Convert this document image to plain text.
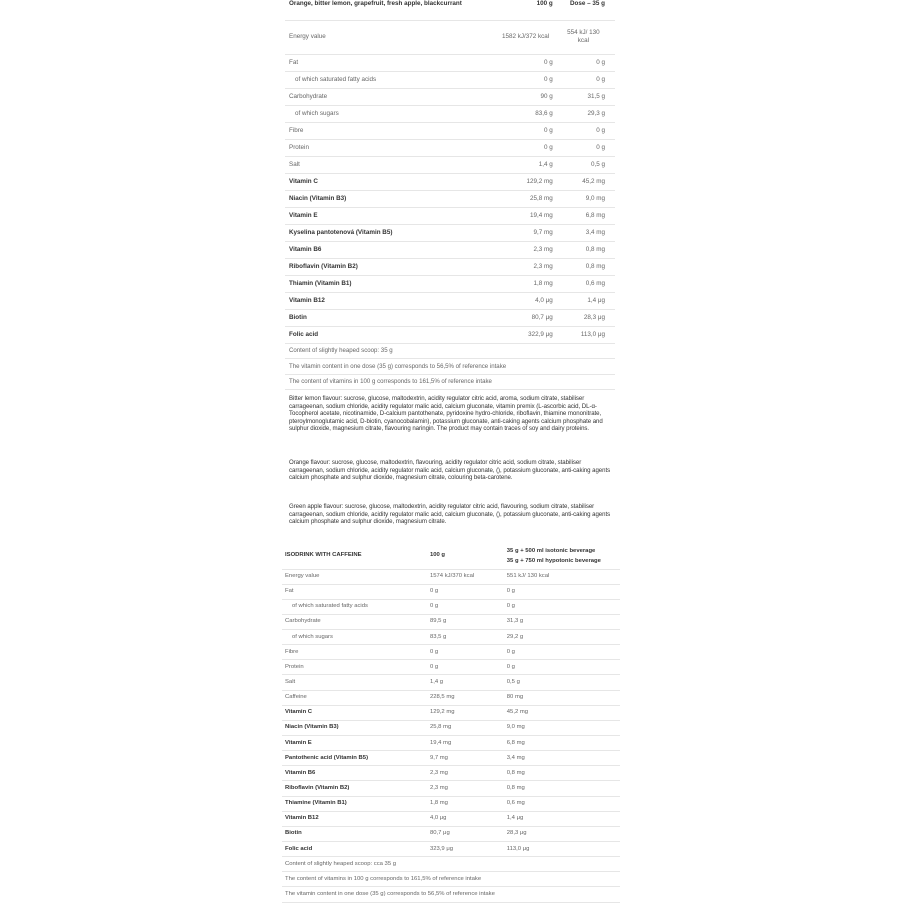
Orange, bitter lemon, grapefruit, fresh apple, blackcurrant	100 g	Dose – 35 g
Energy value	1582 kJ/372 kcal	554 kJ/ 130 kcal
Fat	0 g	0 g
of which saturated fatty acids	0 g	0 g
Carbohydrate	90 g	31,5 g
of which sugars	83,6 g	29,3 g
Fibre	0 g	0 g
Protein	0 g	0 g
Salt	1,4 g	0,5 g
Vitamin C	129,2 mg	45,2 mg
Niacin (Vitamin B3)	25,8 mg	9,0 mg
Vitamin E	19,4 mg	6,8 mg
Kyselina pantotenová (Vitamin B5)	9,7 mg	3,4 mg
Vitamin B6	2,3 mg	0,8 mg
Riboflavin (Vitamin B2)	2,3 mg	0,8 mg
Thiamin (Vitamin B1)	1,8 mg	0,6 mg
Vitamin B12	4,0 μg	1,4 μg
Biotin	80,7 μg	28,3 μg
Folic acid	322,9 μg	113,0 μg
Content of slightly heaped scoop: 35 g		
The vitamin content in one dose (35 g) corresponds to 56,5% of reference intake		
The content of vitamins in 100 g corresponds to 161,5% of reference intake		

Bitter lemon flavour: sucrose, glucose, maltodextrin, acidity regulator citric acid, aroma, sodium citrate, stabiliser carrageenan, sodium chloride, acidity regulator malic acid, calcium gluconate, vitamin premix (L-ascorbic acid, DL-α-Tocopherol acetate, nicotinamide, D-calcium pantothenate, pyridoxine hydro-chloride, riboflavin, thiamine mononitrate, pteroylmonoglutamic acid, D-biotin, cyanocobalamin), potassium gluconate, anti-caking agents calcium phosphate and sulphur dioxide, magnesium citrate, flavouring naringin. The product may contain traces of soy and dairy proteins.

Orange flavour: sucrose, glucose, maltodextrin, flavouring, acidity regulator citric acid, sodium citrate, stabiliser carrageenan, sodium chloride, acidity regulator malic acid, calcium gluconate, (), potassium gluconate, anti-caking agents calcium phosphate and sulphur dioxide, magnesium citrate, colouring beta-carotene.

Green apple flavour: sucrose, glucose, maltodextrin, acidity regulator citric acid, flavouring, sodium citrate, stabiliser carrageenan, sodium chloride, acidity regulator malic acid, calcium gluconate, (), potassium gluconate, anti-caking agents calcium phosphate and sulphur dioxide, magnesium citrate.

ISODRINK WITH CAFFEINE	100 g	35 g + 500 ml isotonic beverage
35 g + 750 ml hypotonic beverage

Energy value	1574 kJ/370 kcal	551 kJ/ 130 kcal
Fat	0 g	0 g
of which saturated fatty acids	0 g	0 g
Carbohydrate	89,5 g	31,3 g
of which sugars	83,5 g	29,2 g
Fibre	0 g	0 g
Protein	0 g	0 g
Salt	1,4 g	0,5 g
Caffeine	228,5 mg	80 mg
Vitamin C	129,2 mg	45,2 mg
Niacin (Vitamin B3)	25,8 mg	9,0 mg
Vitamin E	19,4 mg	6,8 mg
Pantothenic acid (Vitamin B5)	9,7 mg	3,4 mg
Vitamin B6	2,3 mg	0,8 mg
Riboflavin (Vitamin B2)	2,3 mg	0,8 mg
Thiamine (Vitamin B1)	1,8 mg	0,6 mg
Vitamin B12	4,0 μg	1,4 μg
Biotin	80,7 μg	28,3 μg
Folic acid	323,9 μg	113,0 μg
Content of slightly heaped scoop: cca 35 g		
The content of vitamins in 100 g corresponds to 161,5% of reference intake		
The vitamin content in one dose (35 g) corresponds to 56,5% of reference intake		
